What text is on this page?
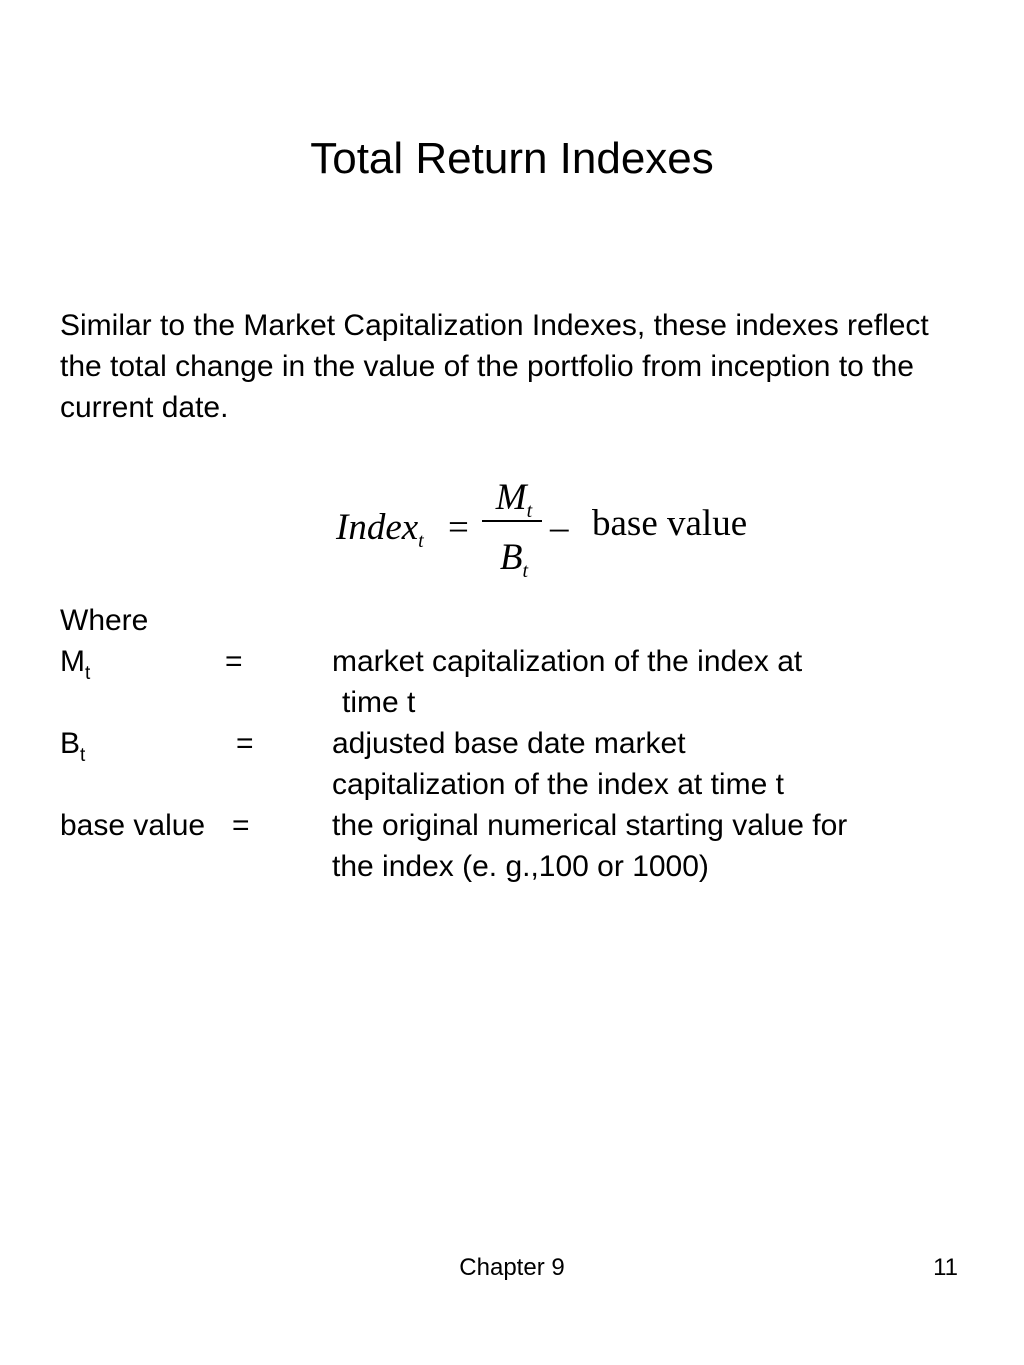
Total Return Indexes

Similar to the Market Capitalization Indexes, these indexes reflect the total change in the value of the portfolio from inception to the current date.

Index$_t$ =
$M_t$
$B_t$
– base value
Where
$M_t$	=	market capitalization of the index at
time t
$B_t$	=	adjusted base date market
capitalization of the index at time t
base value =	the original numerical starting value for
the index (e. g.,100 or 1000)
Chapter 9	11
